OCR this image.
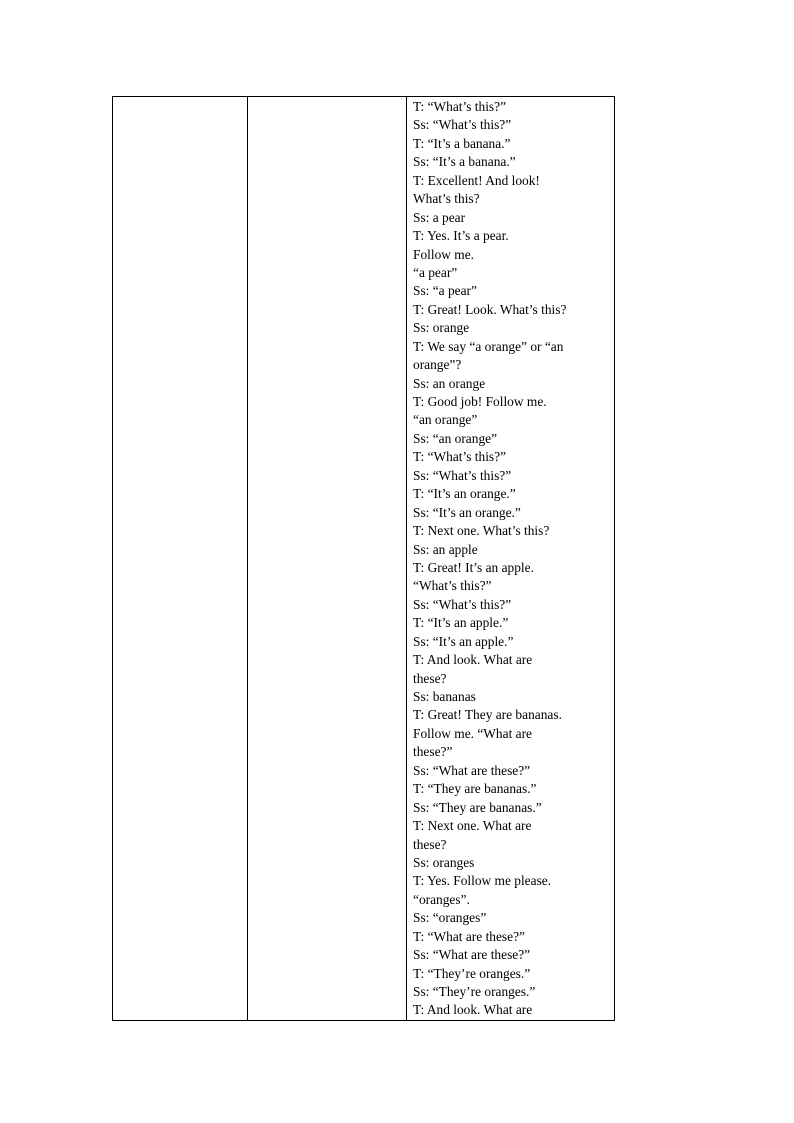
T: “What’s this?”
Ss: “What’s this?”
T: “It’s a banana.”
Ss: “It’s a banana.”
T: Excellent! And look!
What’s this?
Ss: a pear
T: Yes. It’s a pear.
Follow me.
“a pear”
Ss: “a pear”
T: Great! Look. What’s this?
Ss: orange
T: We say “a orange” or “an
orange”?
Ss: an orange
T: Good job! Follow me.
“an orange”
Ss: “an orange”
T: “What’s this?”
Ss: “What’s this?”
T: “It’s an orange.”
Ss: “It’s an orange.”
T: Next one. What’s this?
Ss: an apple
T: Great! It’s an apple.
“What’s this?”
Ss: “What’s this?”
T: “It’s an apple.”
Ss: “It’s an apple.”
T: And look. What are
these?
Ss: bananas
T: Great! They are bananas.
Follow me. “What are
these?”
Ss: “What are these?”
T: “They are bananas.”
Ss: “They are bananas.”
T: Next one. What are
these?
Ss: oranges
T: Yes. Follow me please.
“oranges”.
Ss: “oranges”
T: “What are these?”
Ss: “What are these?”
T: “They’re oranges.”
Ss: “They’re oranges.”
T: And look. What are
